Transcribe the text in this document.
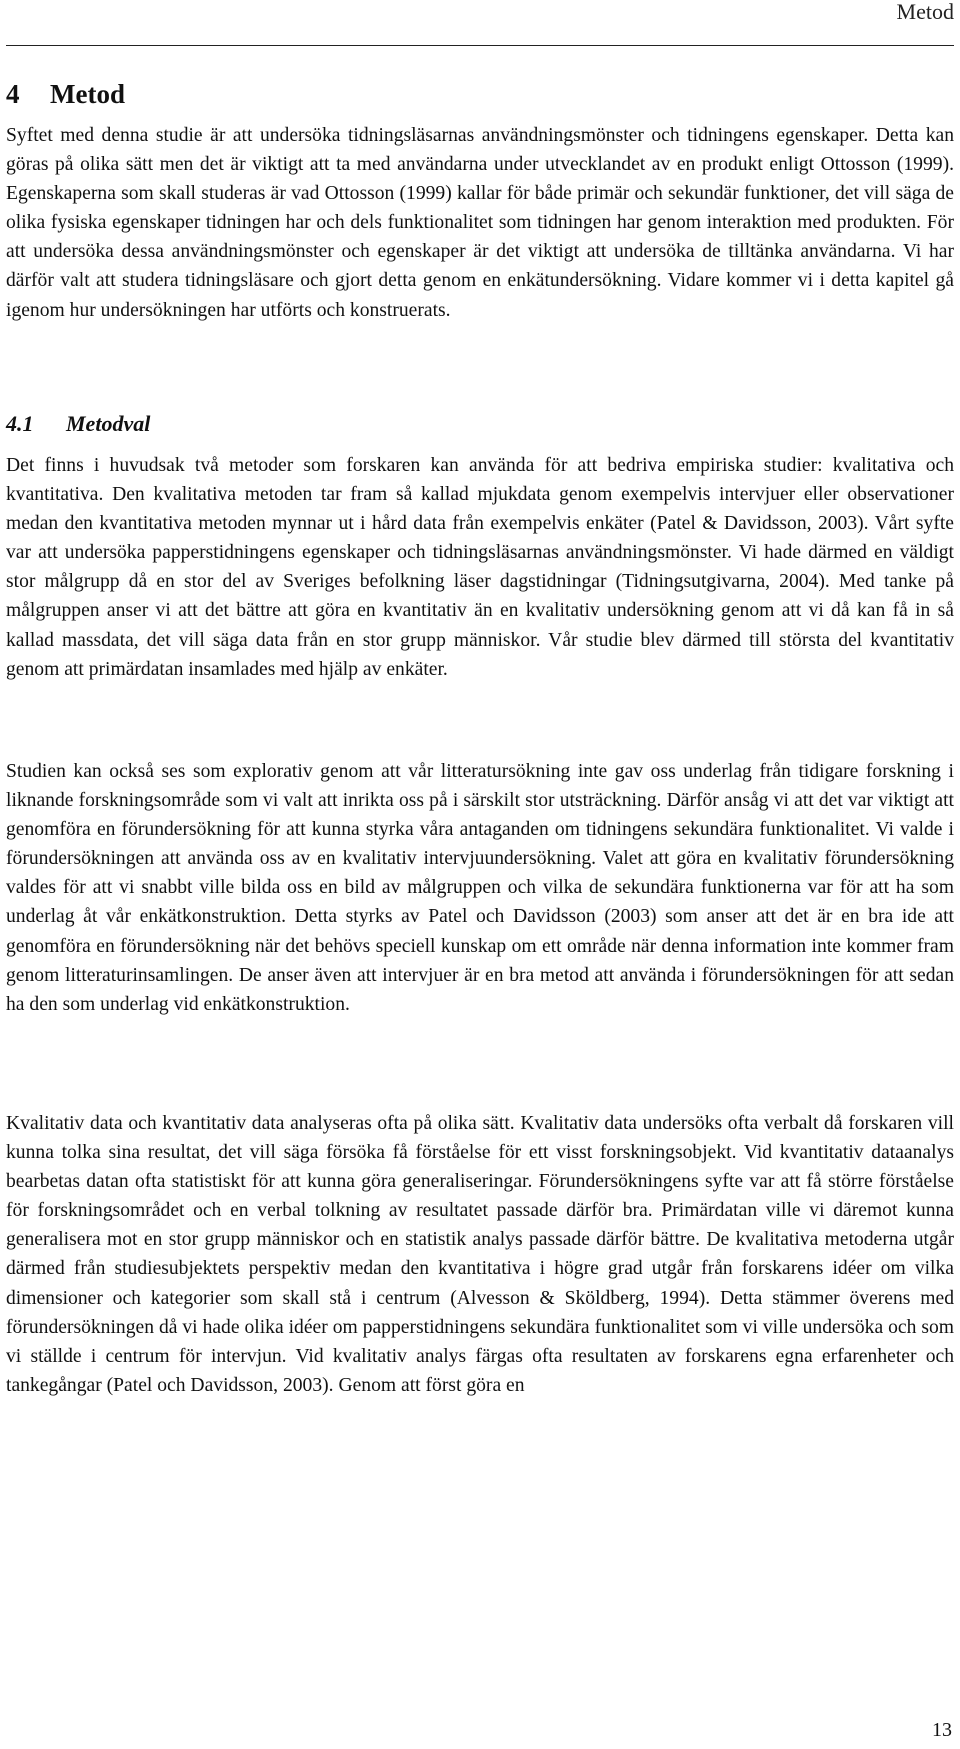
Metod
4 Metod

Syftet med denna studie är att undersöka tidningsläsarnas användningsmönster och tidningens egenskaper. Detta kan göras på olika sätt men det är viktigt att ta med användarna under utvecklandet av en produkt enligt Ottosson (1999). Egenskaperna som skall studeras är vad Ottosson (1999) kallar för både primär och sekundär funktioner, det vill säga de olika fysiska egenskaper tidningen har och dels funktionalitet som tidningen har genom interaktion med produkten. För att undersöka dessa användningsmönster och egenskaper är det viktigt att undersöka de tilltänka användarna. Vi har därför valt att studera tidningsläsare och gjort detta genom en enkätundersökning. Vidare kommer vi i detta kapitel gå igenom hur undersökningen har utförts och konstruerats.

4.1 Metodval

Det finns i huvudsak två metoder som forskaren kan använda för att bedriva empiriska studier: kvalitativa och kvantitativa. Den kvalitativa metoden tar fram så kallad mjukdata genom exempelvis intervjuer eller observationer medan den kvantitativa metoden mynnar ut i hård data från exempelvis enkäter (Patel & Davidsson, 2003). Vårt syfte var att undersöka papperstidningens egenskaper och tidningsläsarnas användningsmönster. Vi hade därmed en väldigt stor målgrupp då en stor del av Sveriges befolkning läser dagstidningar (Tidningsutgivarna, 2004). Med tanke på målgruppen anser vi att det bättre att göra en kvantitativ än en kvalitativ undersökning genom att vi då kan få in så kallad massdata, det vill säga data från en stor grupp människor. Vår studie blev därmed till största del kvantitativ genom att primärdatan insamlades med hjälp av enkäter.

Studien kan också ses som explorativ genom att vår litteratursökning inte gav oss underlag från tidigare forskning i liknande forskningsområde som vi valt att inrikta oss på i särskilt stor utsträckning. Därför ansåg vi att det var viktigt att genomföra en förundersökning för att kunna styrka våra antaganden om tidningens sekundära funktionalitet. Vi valde i förundersökningen att använda oss av en kvalitativ intervjuundersökning. Valet att göra en kvalitativ förundersökning valdes för att vi snabbt ville bilda oss en bild av målgruppen och vilka de sekundära funktionerna var för att ha som underlag åt vår enkätkonstruktion. Detta styrks av Patel och Davidsson (2003) som anser att det är en bra ide att genomföra en förundersökning när det behövs speciell kunskap om ett område när denna information inte kommer fram genom litteraturinsamlingen. De anser även att intervjuer är en bra metod att använda i förundersökningen för att sedan ha den som underlag vid enkätkonstruktion.

Kvalitativ data och kvantitativ data analyseras ofta på olika sätt. Kvalitativ data undersöks ofta verbalt då forskaren vill kunna tolka sina resultat, det vill säga försöka få förståelse för ett visst forskningsobjekt. Vid kvantitativ dataanalys bearbetas datan ofta statistiskt för att kunna göra generaliseringar. Förundersökningens syfte var att få större förståelse för forskningsområdet och en verbal tolkning av resultatet passade därför bra. Primärdatan ville vi däremot kunna generalisera mot en stor grupp människor och en statistik analys passade därför bättre. De kvalitativa metoderna utgår därmed från studiesubjektets perspektiv medan den kvantitativa i högre grad utgår från forskarens idéer om vilka dimensioner och kategorier som skall stå i centrum (Alvesson & Sköldberg, 1994). Detta stämmer överens med förundersökningen då vi hade olika idéer om papperstidningens sekundära funktionalitet som vi ville undersöka och som vi ställde i centrum för intervjun. Vid kvalitativ analys färgas ofta resultaten av forskarens egna erfarenheter och tankegångar (Patel och Davidsson, 2003). Genom att först göra en

13
